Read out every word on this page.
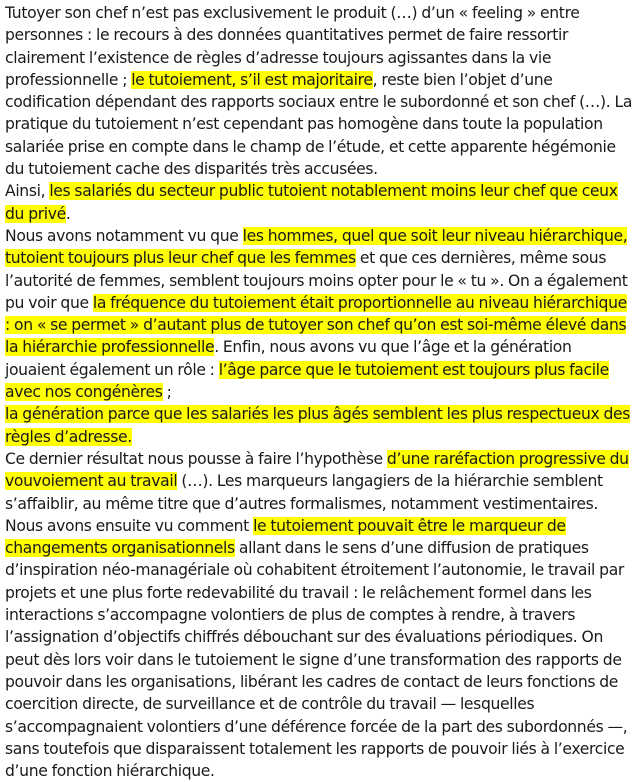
Tutoyer son chef n’est pas exclusivement le produit (…) d’un « feeling » entre personnes : le recours à des données quantitatives permet de faire ressortir clairement l’existence de règles d’adresse toujours agissantes dans la vie professionnelle ; le tutoiement, s’il est majoritaire, reste bien l’objet d’une codification dépendant des rapports sociaux entre le subordonné et son chef (…). La pratique du tutoiement n’est cependant pas homogène dans toute la population salariée prise en compte dans le champ de l’étude, et cette apparente hégémonie du tutoiement cache des disparités très accusées.

Ainsi, les salariés du secteur public tutoient notablement moins leur chef que ceux du privé.

Nous avons notamment vu que les hommes, quel que soit leur niveau hiérarchique, tutoient toujours plus leur chef que les femmes et que ces dernières, même sous l’autorité de femmes, semblent toujours moins opter pour le « tu ». On a également pu voir que la fréquence du tutoiement était proportionnelle au niveau hiérarchique : on « se permet » d’autant plus de tutoyer son chef qu’on est soi-même élevé dans la hiérarchie professionnelle. Enfin, nous avons vu que l’âge et la génération jouaient également un rôle : l’âge parce que le tutoiement est toujours plus facile avec nos congénères ;

la génération parce que les salariés les plus âgés semblent les plus respectueux des règles d’adresse.

Ce dernier résultat nous pousse à faire l’hypothèse d’une raréfaction progressive du vouvoiement au travail (…). Les marqueurs langagiers de la hiérarchie semblent s’affaiblir, au même titre que d’autres formalismes, notamment vestimentaires.

Nous avons ensuite vu comment le tutoiement pouvait être le marqueur de changements organisationnels allant dans le sens d’une diffusion de pratiques d’inspiration néo-managériale où cohabitent étroitement l’autonomie, le travail par projets et une plus forte redevabilité du travail : le relâchement formel dans les interactions s’accompagne volontiers de plus de comptes à rendre, à travers l’assignation d’objectifs chiffrés débouchant sur des évaluations périodiques. On peut dès lors voir dans le tutoiement le signe d’une transformation des rapports de pouvoir dans les organisations, libérant les cadres de contact de leurs fonctions de coercition directe, de surveillance et de contrôle du travail — lesquelles s’accompagnaient volontiers d’une déférence forcée de la part des subordonnés —, sans toutefois que disparaissent totalement les rapports de pouvoir liés à l’exercice d’une fonction hiérarchique.
